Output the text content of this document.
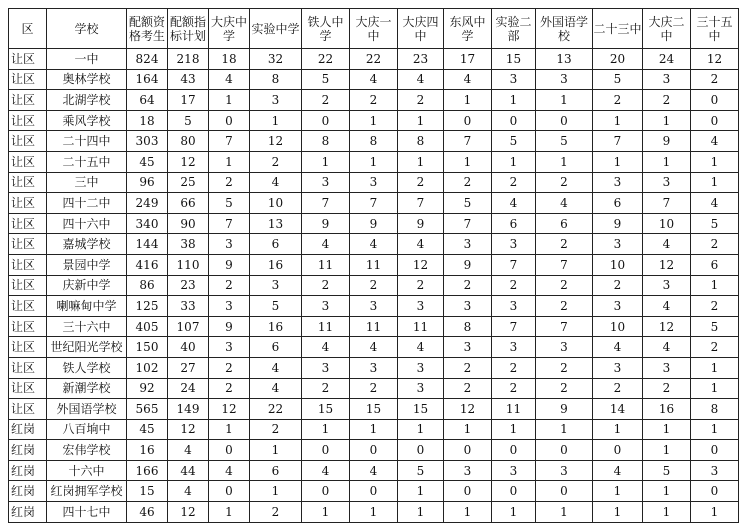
区	学校	配额资格考生	配额指标计划	大庆中学	实验中学	铁人中学	大庆一中	大庆四中	东风中学	实验二部	外国语学校	二十三中	大庆二中	三十五中
让区	一中	824	218	18	32	22	22	23	17	15	13	20	24	12
让区	奥林学校	164	43	4	8	5	4	4	4	3	3	5	3	2
让区	北湖学校	64	17	1	3	2	2	2	1	1	1	2	2	0
让区	乘风学校	18	5	0	1	0	1	1	0	0	0	1	1	0
让区	二十四中	303	80	7	12	8	8	8	7	5	5	7	9	4
让区	二十五中	45	12	1	2	1	1	1	1	1	1	1	1	1
让区	三中	96	25	2	4	3	3	2	2	2	2	3	3	1
让区	四十二中	249	66	5	10	7	7	7	5	4	4	6	7	4
让区	四十六中	340	90	7	13	9	9	9	7	6	6	9	10	5
让区	嘉城学校	144	38	3	6	4	4	4	3	3	2	3	4	2
让区	景园中学	416	110	9	16	11	11	12	9	7	7	10	12	6
让区	庆新中学	86	23	2	3	2	2	2	2	2	2	2	3	1
让区	喇嘛甸中学	125	33	3	5	3	3	3	3	3	2	3	4	2
让区	三十六中	405	107	9	16	11	11	11	8	7	7	10	12	5
让区	世纪阳光学校	150	40	3	6	4	4	4	3	3	3	4	4	2
让区	铁人学校	102	27	2	4	3	3	3	2	2	2	3	3	1
让区	新潮学校	92	24	2	4	2	2	3	2	2	2	2	2	1
让区	外国语学校	565	149	12	22	15	15	15	12	11	9	14	16	8
红岗	八百垧中	45	12	1	2	1	1	1	1	1	1	1	1	1
红岗	宏伟学校	16	4	0	1	0	0	0	0	0	0	0	1	0
红岗	十六中	166	44	4	6	4	4	5	3	3	3	4	5	3
红岗	红岗拥军学校	15	4	0	1	0	0	1	0	0	0	1	1	0
红岗	四十七中	46	12	1	2	1	1	1	1	1	1	1	1	1
